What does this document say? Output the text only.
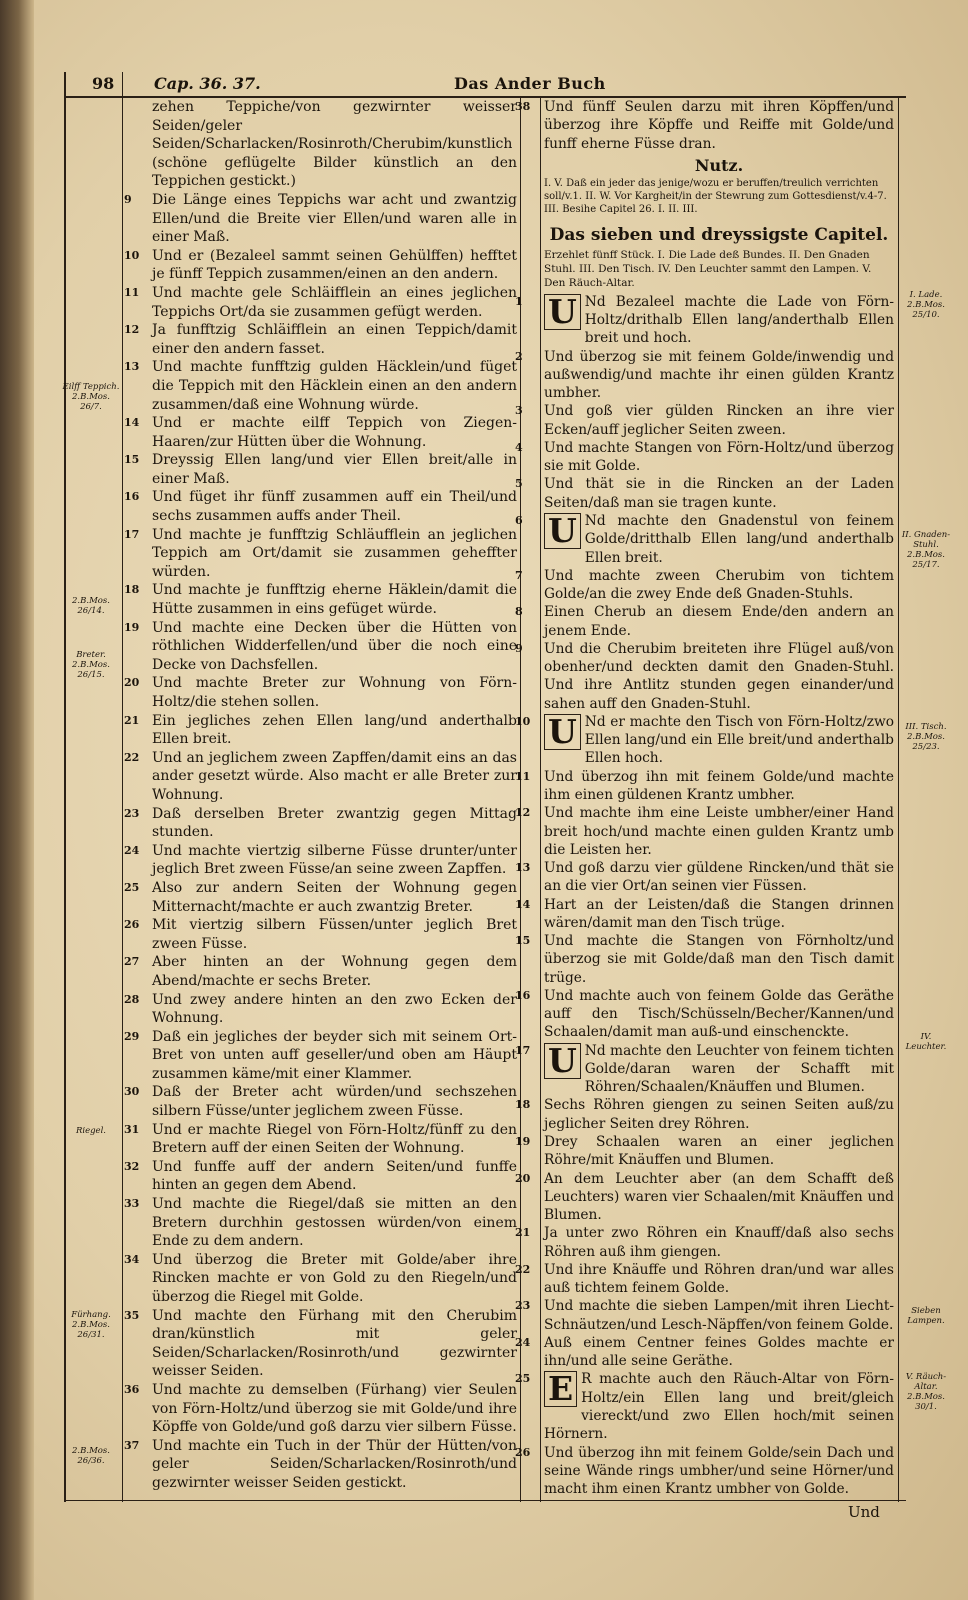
98 Cap. 36. 37.	Das Ander Buch
zehen Teppiche/von gezwirnter weisser Seiden/geler Seiden/Scharlacken/Rosinroth/Cherubim/kunstlich (schöne geflügelte Bilder künstlich an den Teppichen gestickt.)
9 Die Länge eines Teppichs war acht und zwantzig Ellen/und die Breite vier Ellen/und waren alle in einer Maß.
10 Und er (Bezaleel sammt seinen Gehülffen) hefftet je fünff Teppich zusammen/einen an den andern.
11 Und machte gele Schläifflein an eines jeglichen Teppichs Ort/da sie zusammen gefügt werden.
12 Ja funfftzig Schläifflein an einen Teppich/damit einer den andern fasset.
13 Und machte funfftzig gulden Häcklein/und füget die Teppich mit den Häcklein einen an den andern zusammen/daß eine Wohnung würde.
14 Und er machte eilff Teppich von Ziegen-Haaren/zur Hütten über die Wohnung.
15 Dreyssig Ellen lang/und vier Ellen breit/alle in einer Maß.
16 Und füget ihr fünff zusammen auff ein Theil/und sechs zusammen auffs ander Theil.
17 Und machte je funfftzig Schläufflein an jeglichen Teppich am Ort/damit sie zusammen geheffter würden.
18 Und machte je funfftzig eherne Häklein/damit die Hütte zusammen in eins gefüget würde.
19 Und machte eine Decken über die Hütten von röthlichen Widderfellen/und über die noch eine Decke von Dachsfellen.
20 Und machte Breter zur Wohnung von Förn-Holtz/die stehen sollen.
21 Ein jegliches zehen Ellen lang/und anderthalb Ellen breit.
22 Und an jeglichem zween Zapffen/damit eins an das ander gesetzt würde. Also macht er alle Breter zur Wohnung.
23 Daß derselben Breter zwantzig gegen Mittag stunden.
24 Und machte viertzig silberne Füsse drunter/unter jeglich Bret zween Füsse/an seine zween Zapffen.
25 Also zur andern Seiten der Wohnung gegen Mitternacht/machte er auch zwantzig Breter.
26 Mit viertzig silbern Füssen/unter jeglich Bret zween Füsse.
27 Aber hinten an der Wohnung gegen dem Abend/machte er sechs Breter.
28 Und zwey andere hinten an den zwo Ecken der Wohnung.
29 Daß ein jegliches der beyder sich mit seinem Ort-Bret von unten auff geseller/und oben am Häupt zusammen käme/mit einer Klammer.
30 Daß der Breter acht würden/und sechszehen silbern Füsse/unter jeglichem zween Füsse.
31 Und er machte Riegel von Förn-Holtz/fünff zu den Bretern auff der einen Seiten der Wohnung.
32 Und funffe auff der andern Seiten/und funffe hinten an gegen dem Abend.
33 Und machte die Riegel/daß sie mitten an den Bretern durchhin gestossen würden/von einem Ende zu dem andern.
34 Und überzog die Breter mit Golde/aber ihre Rincken machte er von Gold zu den Riegeln/und überzog die Riegel mit Golde.
35 Und machte den Fürhang mit den Cherubim dran/künstlich mit geler Seiden/Scharlacken/Rosinroth/und gezwirnter weisser Seiden.
36 Und machte zu demselben (Fürhang) vier Seulen von Förn-Holtz/und überzog sie mit Golde/und ihre Köpffe von Golde/und goß darzu vier silbern Füsse.
37 Und machte ein Tuch in der Thür der Hütten/von geler Seiden/Scharlacken/Rosinroth/und gezwirnter weisser Seiden gestickt.
38 Und fünff Seulen darzu mit ihren Köpffen/und überzog ihre Köpffe und Reiffe mit Golde/und funff eherne Füsse dran.
Nutz.
I. V. Daß ein jeder das jenige/wozu er beruffen/treulich verrichten soll/v.1. II. W. Vor Kargheit/in der Stewrung zum Gottesdienst/v.4-7. III. Besihe Capitel 26. I. II. III.
Das sieben und dreyssigste Capitel.
Erzehlet fünff Stück. I. Die Lade deß Bundes. II. Den Gnaden Stuhl. III. Den Tisch. IV. Den Leuchter sammt den Lampen. V. Den Räuch-Altar.
1 U Nd Bezaleel machte die Lade von Förn-Holtz/drithalb Ellen lang/anderthalb Ellen breit und hoch.
2 Und überzog sie mit feinem Golde/inwendig und außwendig/und machte ihr einen gülden Krantz umbher.
3 Und goß vier gülden Rincken an ihre vier Ecken/auff jeglicher Seiten zween.
4 Und machte Stangen von Förn-Holtz/und überzog sie mit Golde.
5 Und thät sie in die Rincken an der Laden Seiten/daß man sie tragen kunte.
6 U Nd machte den Gnadenstul von feinem Golde/dritthalb Ellen lang/und anderthalb Ellen breit.
7 Und machte zween Cherubim von tichtem Golde/an die zwey Ende deß Gnaden-Stuhls.
8 Einen Cherub an diesem Ende/den andern an jenem Ende.
9 Und die Cherubim breiteten ihre Flügel auß/von obenher/und deckten damit den Gnaden-Stuhl. Und ihre Antlitz stunden gegen einander/und sahen auff den Gnaden-Stuhl.
10 U Nd er machte den Tisch von Förn-Holtz/zwo Ellen lang/und ein Elle breit/und anderthalb Ellen hoch.
11 Und überzog ihn mit feinem Golde/und machte ihm einen güldenen Krantz umbher.
12 Und machte ihm eine Leiste umbher/einer Hand breit hoch/und machte einen gulden Krantz umb die Leisten her.
13 Und goß darzu vier güldene Rincken/und thät sie an die vier Ort/an seinen vier Füssen.
14 Hart an der Leisten/daß die Stangen drinnen wären/damit man den Tisch trüge.
15 Und machte die Stangen von Förnholtz/und überzog sie mit Golde/daß man den Tisch damit trüge.
16 Und machte auch von feinem Golde das Geräthe auff den Tisch/Schüsseln/Becher/Kannen/und Schaalen/damit man auß-und einschenckte.
17 U Nd machte den Leuchter von feinem tichten Golde/daran waren der Schafft mit Röhren/Schaalen/Knäuffen und Blumen.
18 Sechs Röhren giengen zu seinen Seiten auß/zu jeglicher Seiten drey Röhren.
19 Drey Schaalen waren an einer jeglichen Röhre/mit Knäuffen und Blumen.
20 An dem Leuchter aber (an dem Schafft deß Leuchters) waren vier Schaalen/mit Knäuffen und Blumen.
21 Ja unter zwo Röhren ein Knauff/daß also sechs Röhren auß ihm giengen.
22 Und ihre Knäuffe und Röhren dran/und war alles auß tichtem feinem Golde.
23 Und machte die sieben Lampen/mit ihren Liecht-Schnäutzen/und Lesch-Näpffen/von feinem Golde.
24 Auß einem Centner feines Goldes machte er ihn/und alle seine Geräthe.
25 E R machte auch den Räuch-Altar von Förn-Holtz/ein Ellen lang und breit/gleich viereckt/und zwo Ellen hoch/mit seinen Hörnern.
26 Und überzog ihn mit feinem Golde/sein Dach und seine Wände rings umbher/und seine Hörner/und macht ihm einen Krantz umbher von Golde.
Eilff Teppich. 2.B.Mos. 26/7.
2.B.Mos. 26/14.
Breter. 2.B.Mos. 26/15.
Riegel.
Fürhang. 2.B.Mos. 26/31.
2.B.Mos. 26/36.
I. Lade. 2.B.Mos. 25/10.
II. Gnaden-Stuhl. 2.B.Mos. 25/17.
III. Tisch. 2.B.Mos. 25/23.
IV. Leuchter.
Sieben Lampen.
V. Räuch-Altar. 2.B.Mos. 30/1.
Und
